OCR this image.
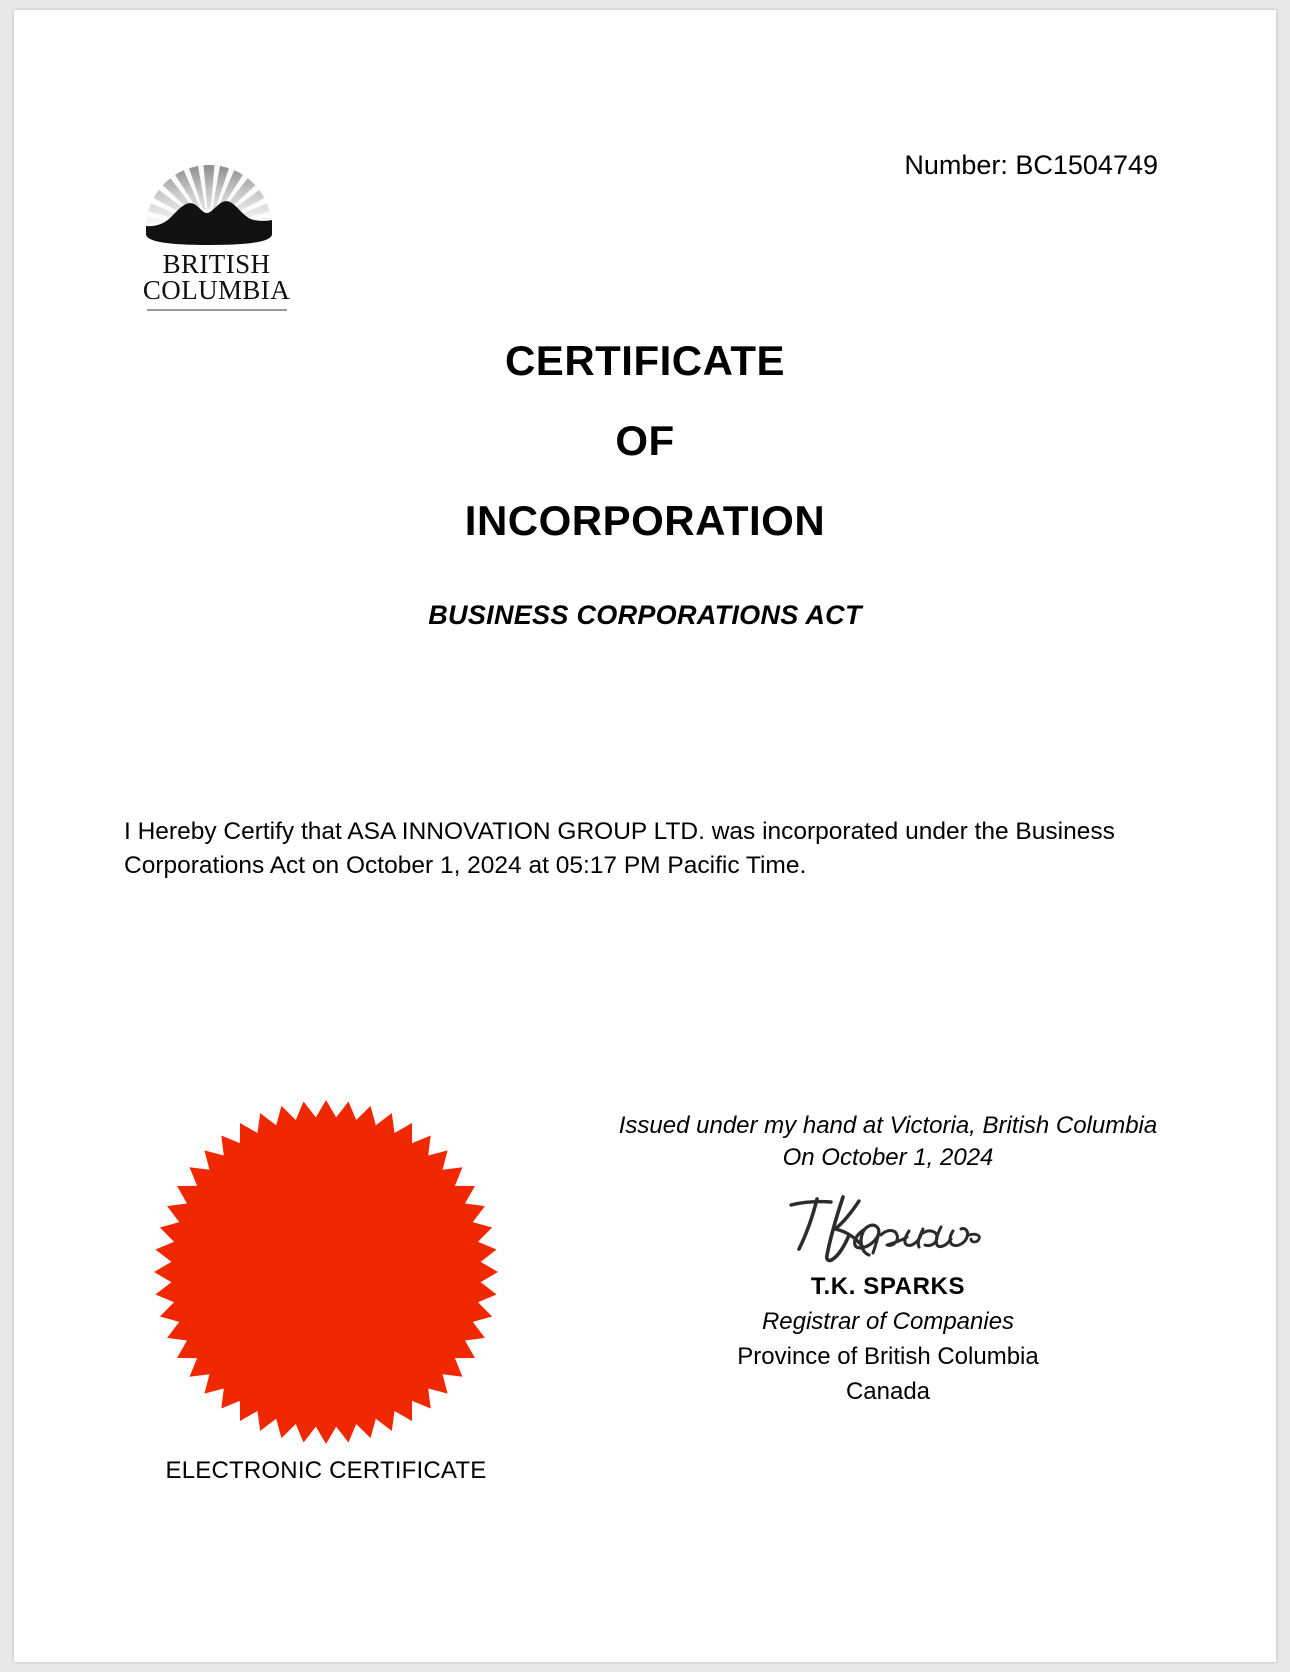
BRITISH
COLUMBIA
Number: BC1504749
CERTIFICATE
OF
INCORPORATION
BUSINESS CORPORATIONS ACT
I Hereby Certify that ASA INNOVATION GROUP LTD. was incorporated under the Business Corporations Act on October 1, 2024 at 05:17 PM Pacific Time.
ELECTRONIC CERTIFICATE
Issued under my hand at Victoria, British Columbia
On October 1, 2024
T.K. SPARKS
Registrar of Companies
Province of British Columbia
Canada
